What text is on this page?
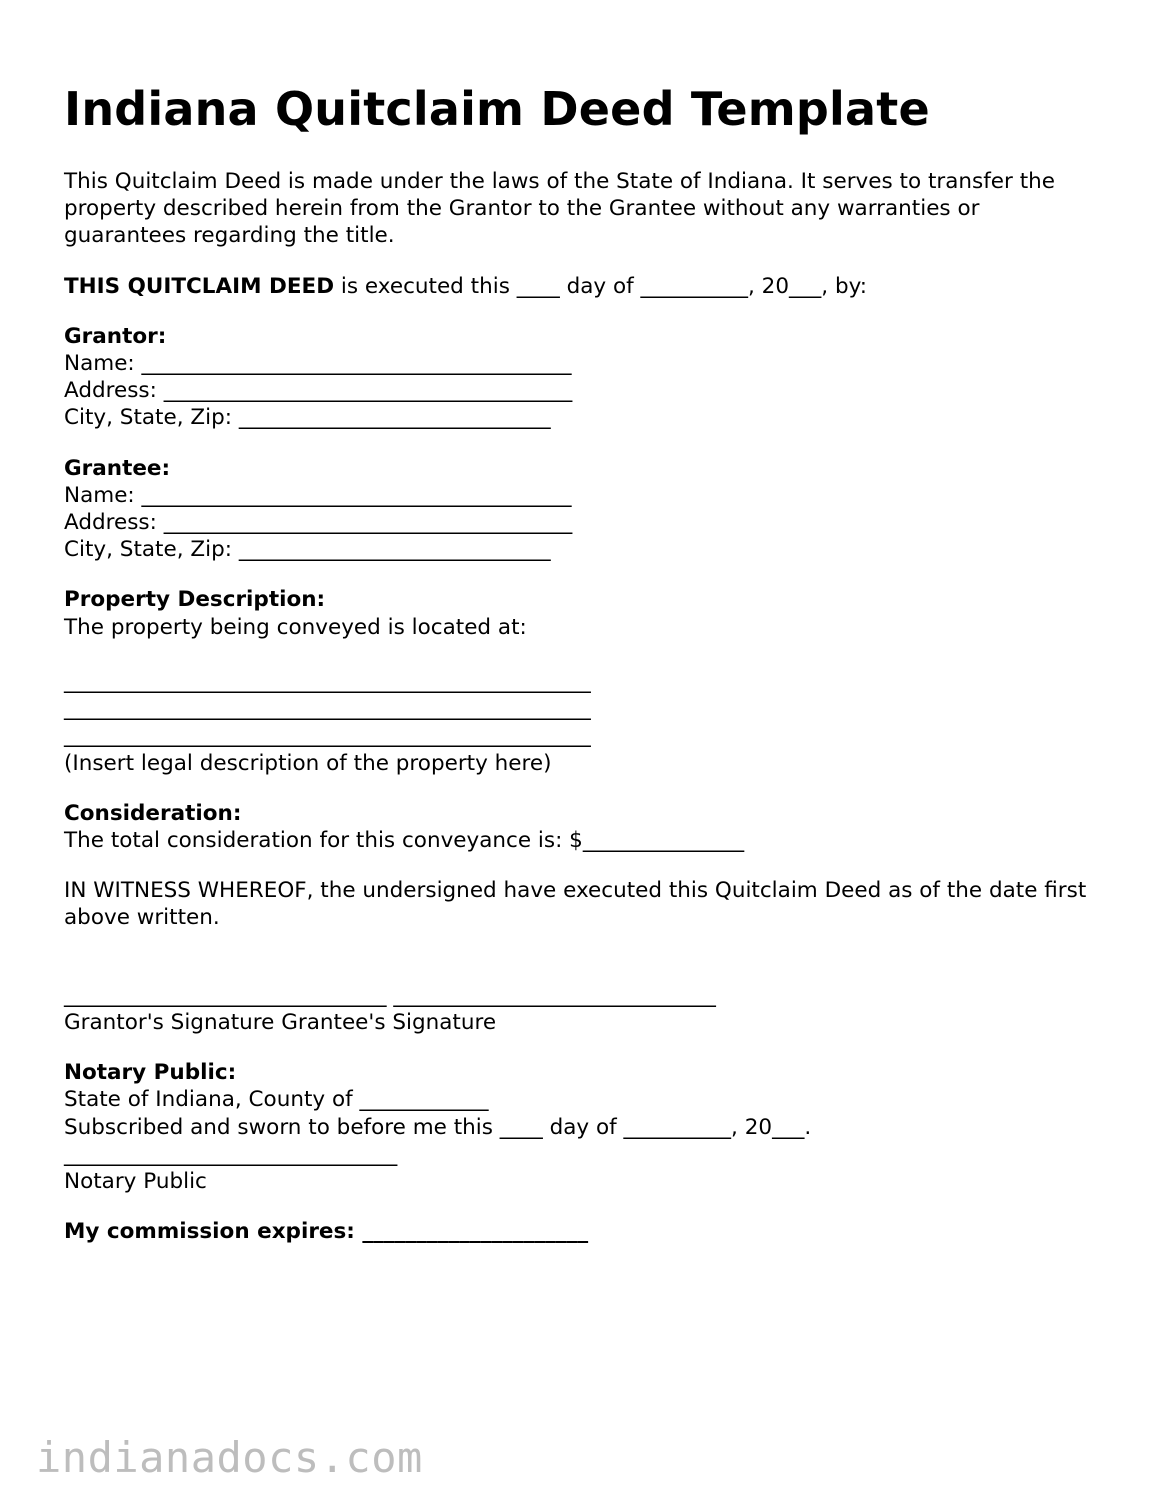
Indiana Quitclaim Deed Template

This Quitclaim Deed is made under the laws of the State of Indiana. It serves to transfer the property described herein from the Grantor to the Grantee without any warranties or guarantees regarding the title.

THIS QUITCLAIM DEED is executed this ____ day of __________, 20___, by:

Grantor:

Name: ________________________________________

Address: ______________________________________

City, State, Zip: _____________________________

Grantee:

Name: ________________________________________

Address: ______________________________________

City, State, Zip: _____________________________

Property Description:

The property being conveyed is located at:

_________________________________________________

_________________________________________________

_________________________________________________

(Insert legal description of the property here)

Consideration:

The total consideration for this conveyance is: $_______________

IN WITNESS WHEREOF, the undersigned have executed this Quitclaim Deed as of the date first above written.

______________________________ ______________________________

Grantor's Signature Grantee's Signature

Notary Public:

State of Indiana, County of ____________

Subscribed and sworn to before me this ____ day of __________, 20___.

_______________________________

Notary Public

My commission expires: _____________________

indianadocs.com
